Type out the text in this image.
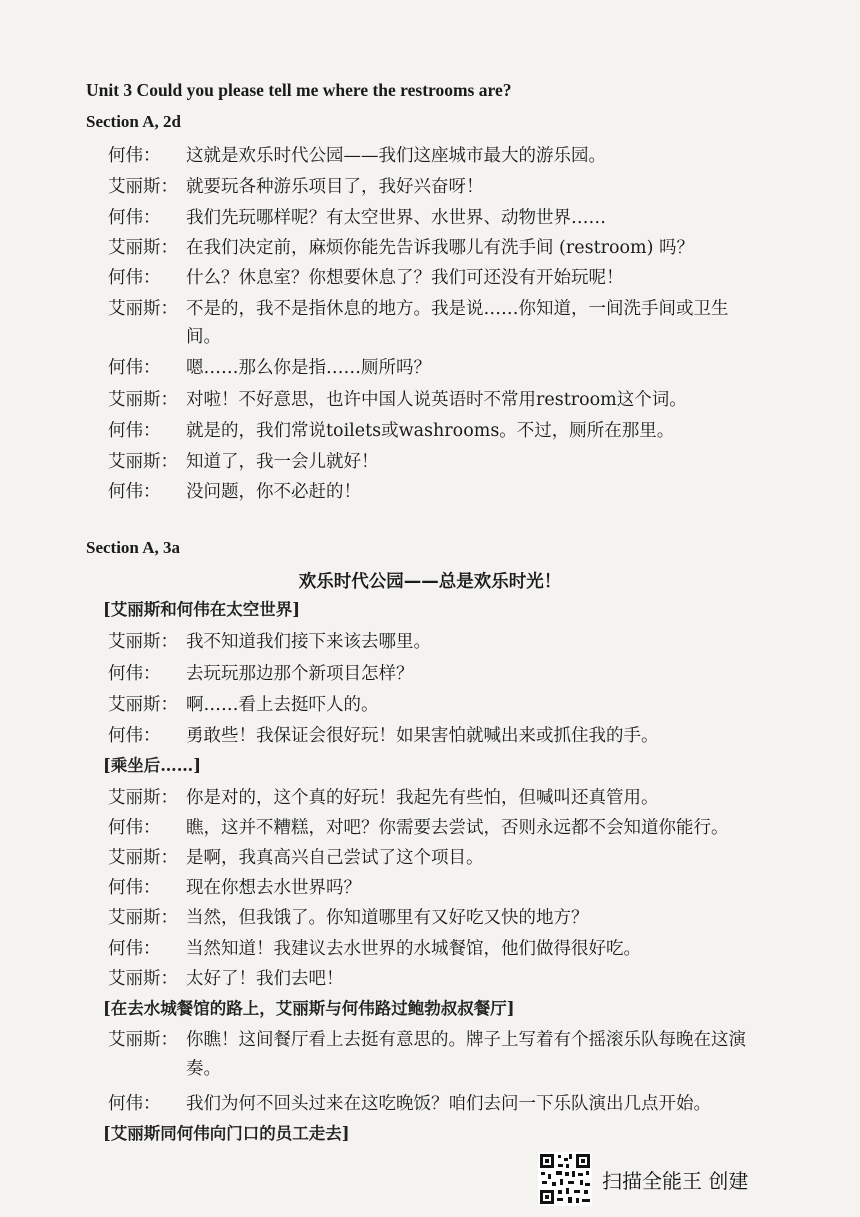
Unit 3 Could you please tell me where the restrooms are?
Section A, 2d
何伟： 这就是欢乐时代公园——我们这座城市最大的游乐园。
艾丽斯： 就要玩各种游乐项目了，我好兴奋呀！
何伟： 我们先玩哪样呢？有太空世界、水世界、动物世界……
艾丽斯： 在我们决定前，麻烦你能先告诉我哪儿有洗手间 (restroom) 吗？
何伟： 什么？休息室？你想要休息了？我们可还没有开始玩呢！
艾丽斯： 不是的，我不是指休息的地方。我是说……你知道，一间洗手间或卫生
间。
何伟： 嗯……那么你是指……厕所吗？
艾丽斯： 对啦！不好意思，也许中国人说英语时不常用restroom这个词。
何伟： 就是的，我们常说toilets或washrooms。不过，厕所在那里。
艾丽斯： 知道了，我一会儿就好！
何伟： 没问题，你不必赶的！
Section A, 3a
欢乐时代公园——总是欢乐时光！
[艾丽斯和何伟在太空世界]
艾丽斯： 我不知道我们接下来该去哪里。
何伟： 去玩玩那边那个新项目怎样？
艾丽斯： 啊……看上去挺吓人的。
何伟： 勇敢些！我保证会很好玩！如果害怕就喊出来或抓住我的手。
[乘坐后……]
艾丽斯： 你是对的，这个真的好玩！我起先有些怕，但喊叫还真管用。
何伟： 瞧，这并不糟糕，对吧？你需要去尝试，否则永远都不会知道你能行。
艾丽斯： 是啊，我真高兴自己尝试了这个项目。
何伟： 现在你想去水世界吗？
艾丽斯： 当然，但我饿了。你知道哪里有又好吃又快的地方？
何伟： 当然知道！我建议去水世界的水城餐馆，他们做得很好吃。
艾丽斯： 太好了！我们去吧！
[在去水城餐馆的路上，艾丽斯与何伟路过鲍勃叔叔餐厅]
艾丽斯： 你瞧！这间餐厅看上去挺有意思的。牌子上写着有个摇滚乐队每晚在这演
奏。
何伟： 我们为何不回头过来在这吃晚饭？咱们去问一下乐队演出几点开始。
[艾丽斯同何伟向门口的员工走去]
扫描全能王 创建
